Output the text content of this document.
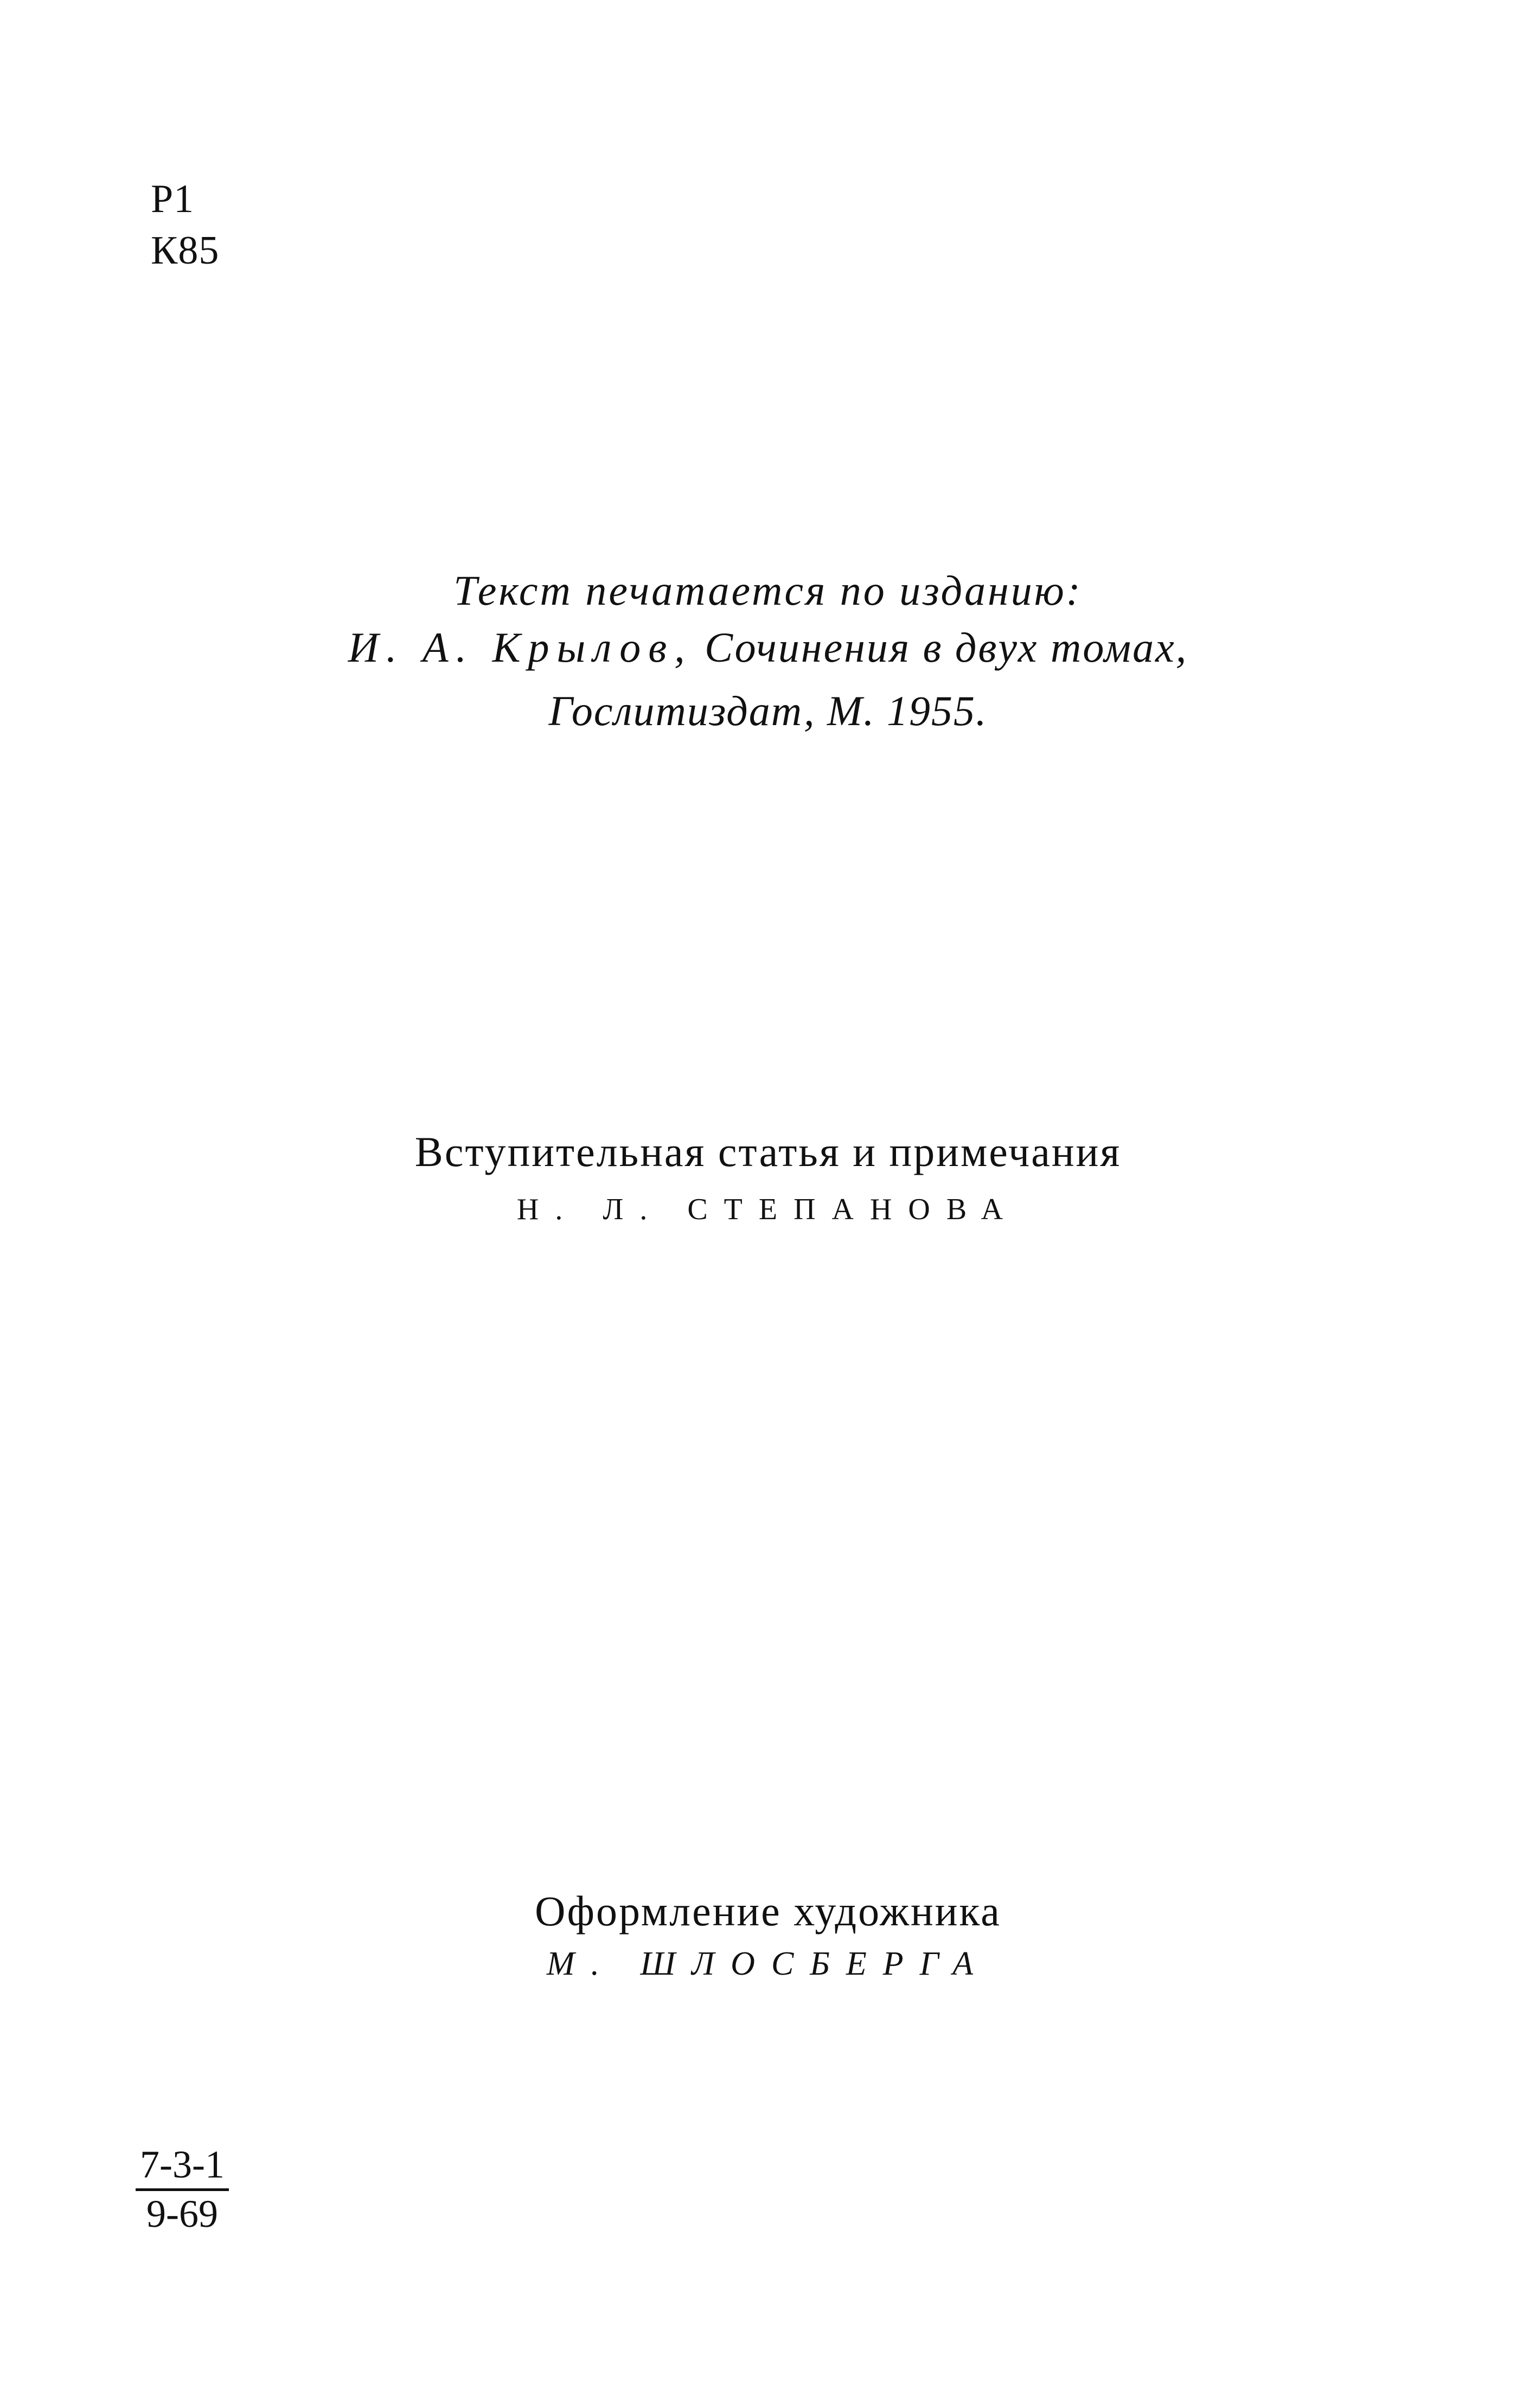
Р1
К85
Текст печатается по изданию:
И. А. Крылов, Сочинения в двух томах,
Гослитиздат, М. 1955.
Вступительная статья и примечания
Н. Л. СТЕПАНОВА
Оформление художника
М. ШЛОСБЕРГА
7-3-1
9-69
